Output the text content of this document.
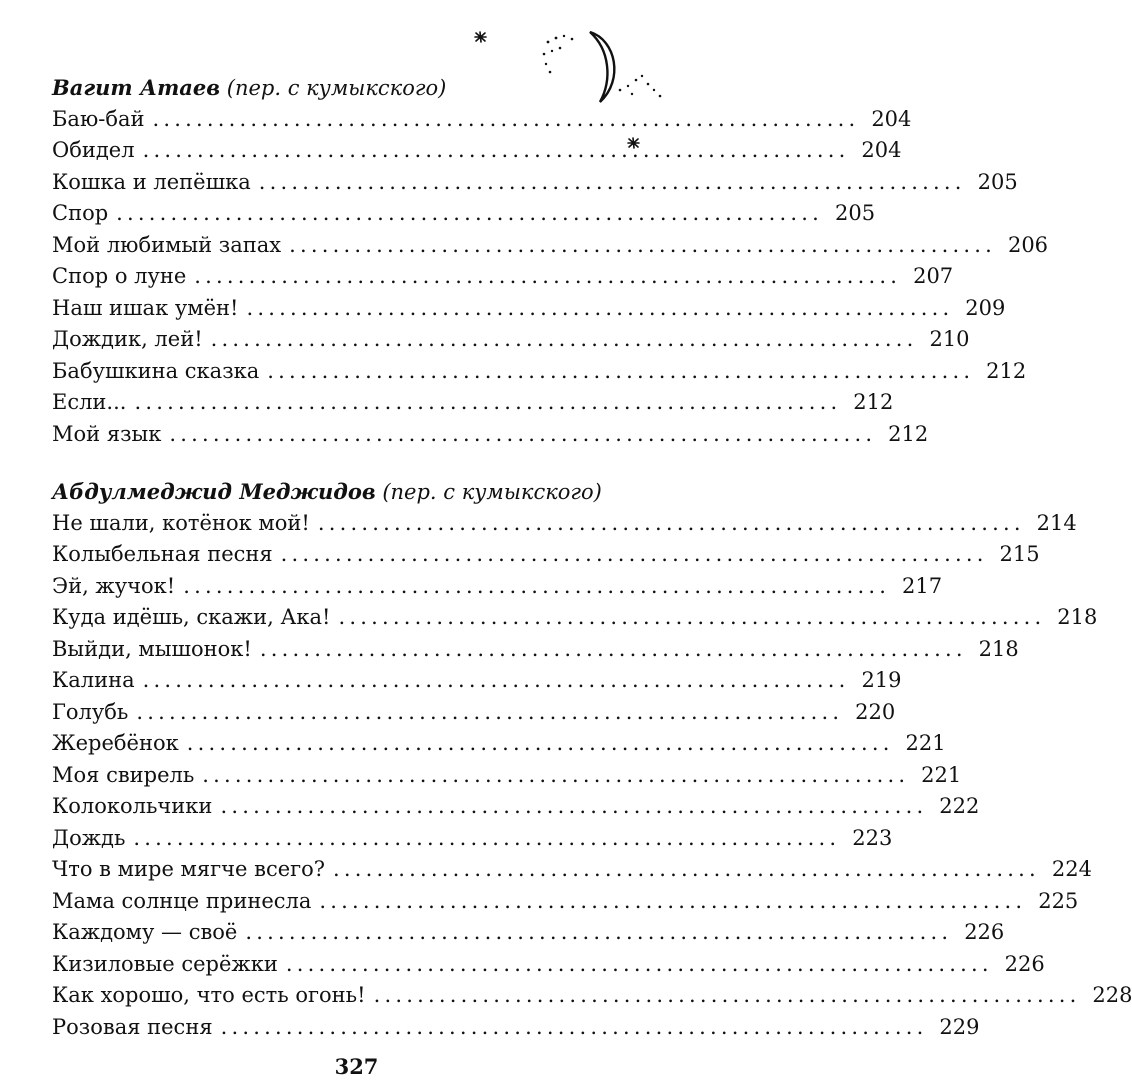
Вагит Атаев (пер. с кумыкского)
Баю-бай ................................................................. 204
Обидел ................................................................. 204
Кошка и лепёшка ................................................................. 205
Спор ................................................................. 205
Мой любимый запах ................................................................. 206
Спор о луне ................................................................. 207
Наш ишак умён! ................................................................. 209
Дождик, лей! ................................................................. 210
Бабушкина сказка ................................................................. 212
Если... ................................................................. 212
Мой язык ................................................................. 212
Абдулмеджид Меджидов (пер. с кумыкского)
Не шали, котёнок мой! ................................................................. 214
Колыбельная песня ................................................................. 215
Эй, жучок! ................................................................. 217
Куда идёшь, скажи, Ака! ................................................................. 218
Выйди, мышонок! ................................................................. 218
Калина ................................................................. 219
Голубь ................................................................. 220
Жеребёнок ................................................................. 221
Моя свирель ................................................................. 221
Колокольчики ................................................................. 222
Дождь ................................................................. 223
Что в мире мягче всего? ................................................................. 224
Мама солнце принесла ................................................................. 225
Каждому — своё ................................................................. 226
Кизиловые серёжки ................................................................. 226
Как хорошо, что есть огонь! ................................................................. 228
Розовая песня ................................................................. 229
327
